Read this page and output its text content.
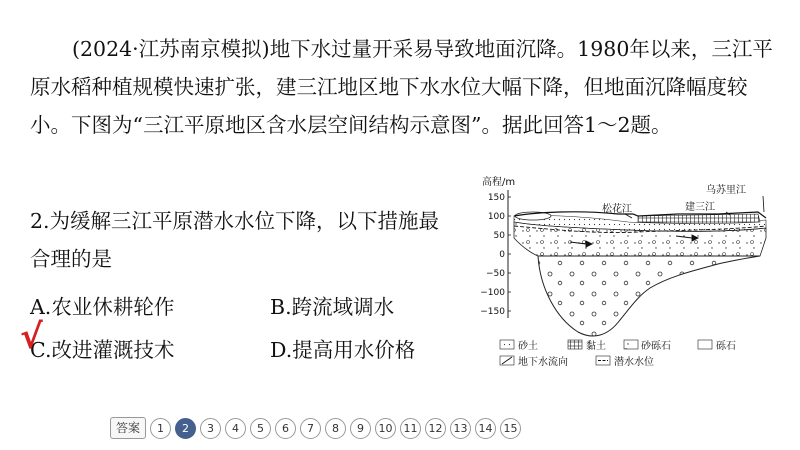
(2024·江苏南京模拟)地下水过量开采易导致地面沉降。1980年以来，三江平原水稻种植规模快速扩张，建三江地区地下水水位大幅下降，但地面沉降幅度较小。下图为“三江平原地区含水层空间结构示意图”。据此回答1～2题。
2.为缓解三江平原潜水水位下降，以下措施最合理的是
A.农业休耕轮作	B.跨流域调水
C.改进灌溉技术	D.提高用水价格
√
高程/m
150
100
50
0
−50
−100
−150
乌苏里江
松花江	建三江
砂土	黏土	砂砾石	砾石
地下水流向	潜水水位
答案	1	2	3	4	5	6	7	8	9	10	11	12	13	14	15
